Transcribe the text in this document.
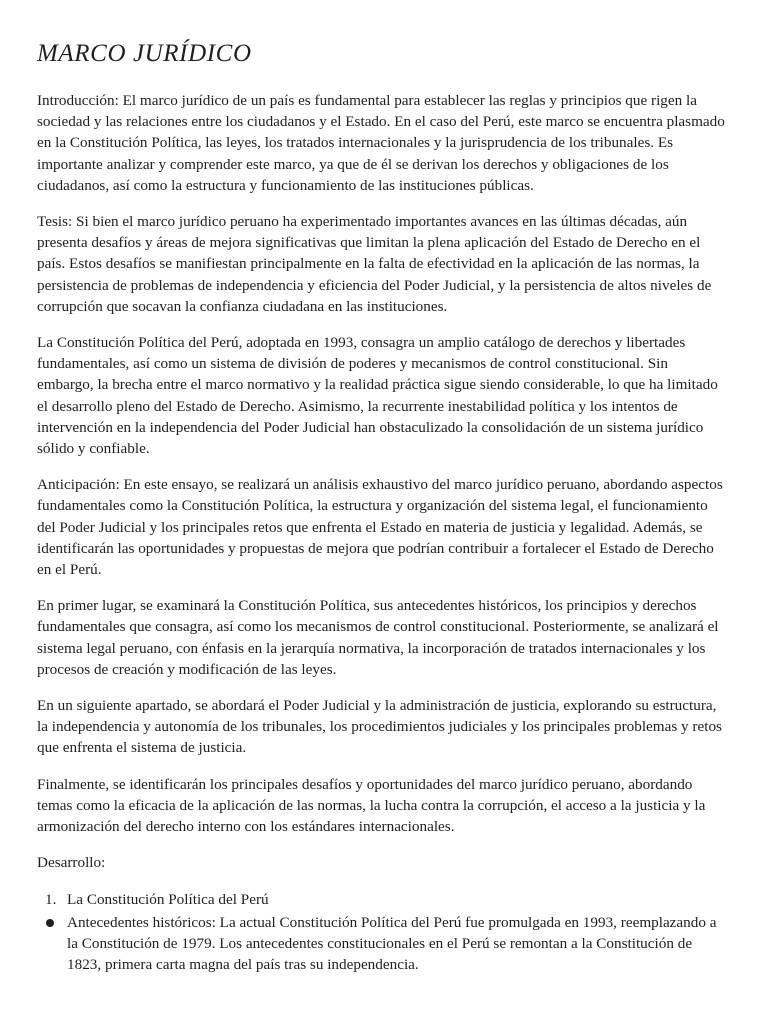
MARCO JURÍDICO

Introducción: El marco jurídico de un país es fundamental para establecer las reglas y principios que rigen la sociedad y las relaciones entre los ciudadanos y el Estado. En el caso del Perú, este marco se encuentra plasmado en la Constitución Política, las leyes, los tratados internacionales y la jurisprudencia de los tribunales. Es importante analizar y comprender este marco, ya que de él se derivan los derechos y obligaciones de los ciudadanos, así como la estructura y funcionamiento de las instituciones públicas.

Tesis: Si bien el marco jurídico peruano ha experimentado importantes avances en las últimas décadas, aún presenta desafíos y áreas de mejora significativas que limitan la plena aplicación del Estado de Derecho en el país. Estos desafíos se manifiestan principalmente en la falta de efectividad en la aplicación de las normas, la persistencia de problemas de independencia y eficiencia del Poder Judicial, y la persistencia de altos niveles de corrupción que socavan la confianza ciudadana en las instituciones.

La Constitución Política del Perú, adoptada en 1993, consagra un amplio catálogo de derechos y libertades fundamentales, así como un sistema de división de poderes y mecanismos de control constitucional. Sin embargo, la brecha entre el marco normativo y la realidad práctica sigue siendo considerable, lo que ha limitado el desarrollo pleno del Estado de Derecho. Asimismo, la recurrente inestabilidad política y los intentos de intervención en la independencia del Poder Judicial han obstaculizado la consolidación de un sistema jurídico sólido y confiable.

Anticipación: En este ensayo, se realizará un análisis exhaustivo del marco jurídico peruano, abordando aspectos fundamentales como la Constitución Política, la estructura y organización del sistema legal, el funcionamiento del Poder Judicial y los principales retos que enfrenta el Estado en materia de justicia y legalidad. Además, se identificarán las oportunidades y propuestas de mejora que podrían contribuir a fortalecer el Estado de Derecho en el Perú.

En primer lugar, se examinará la Constitución Política, sus antecedentes históricos, los principios y derechos fundamentales que consagra, así como los mecanismos de control constitucional. Posteriormente, se analizará el sistema legal peruano, con énfasis en la jerarquía normativa, la incorporación de tratados internacionales y los procesos de creación y modificación de las leyes.

En un siguiente apartado, se abordará el Poder Judicial y la administración de justicia, explorando su estructura, la independencia y autonomía de los tribunales, los procedimientos judiciales y los principales problemas y retos que enfrenta el sistema de justicia.

Finalmente, se identificarán los principales desafíos y oportunidades del marco jurídico peruano, abordando temas como la eficacia de la aplicación de las normas, la lucha contra la corrupción, el acceso a la justicia y la armonización del derecho interno con los estándares internacionales.

Desarrollo:

1. La Constitución Política del Perú
Antecedentes históricos: La actual Constitución Política del Perú fue promulgada en 1993, reemplazando a la Constitución de 1979. Los antecedentes constitucionales en el Perú se remontan a la Constitución de 1823, primera carta magna del país tras su independencia.
